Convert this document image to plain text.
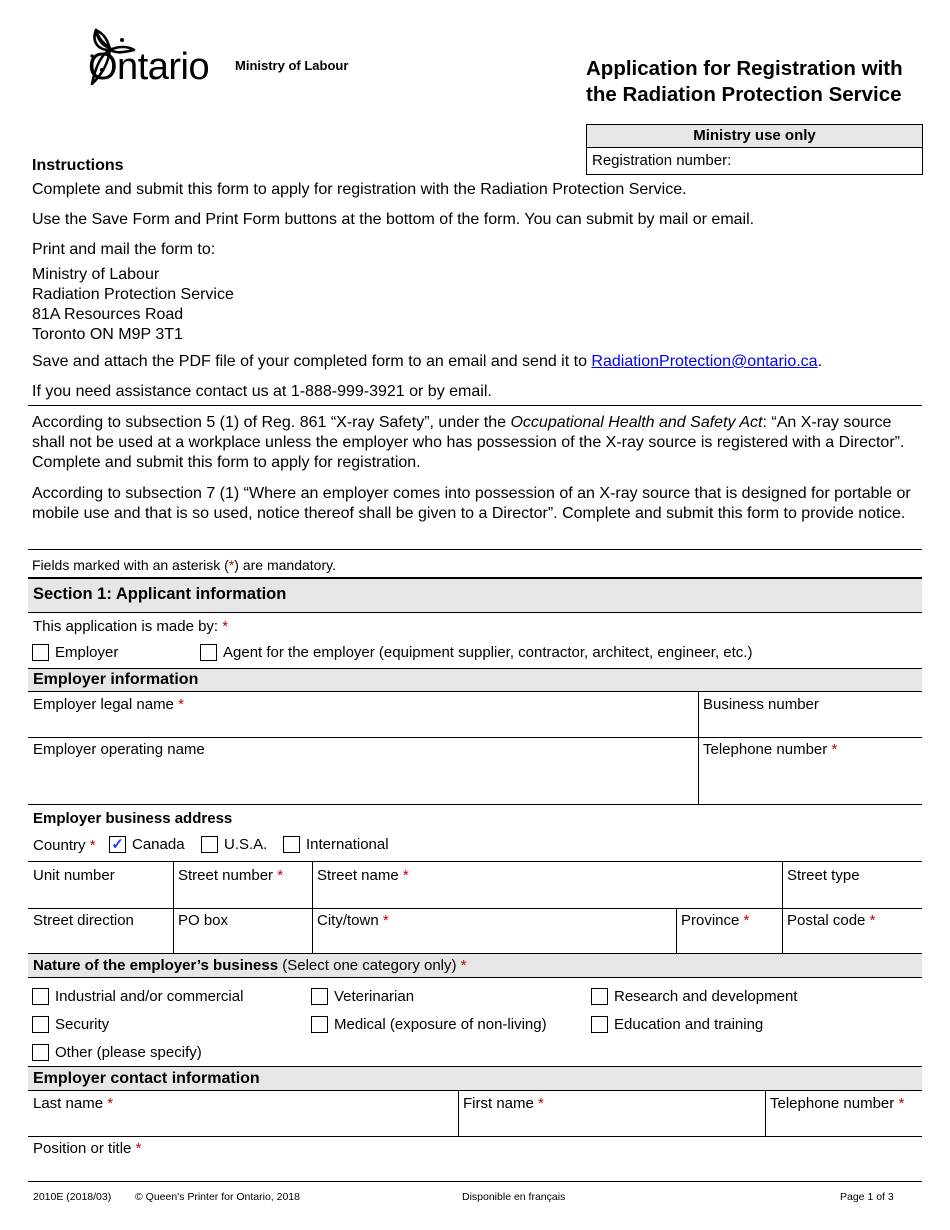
Ontario Ministry of Labour	Application for Registration with
the Radiation Protection Service
Ministry use only
Registration number:
Instructions
Complete and submit this form to apply for registration with the Radiation Protection Service.
Use the Save Form and Print Form buttons at the bottom of the form. You can submit by mail or email.
Print and mail the form to:
Ministry of Labour
Radiation Protection Service
81A Resources Road
Toronto ON M9P 3T1
Save and attach the PDF file of your completed form to an email and send it to RadiationProtection@ontario.ca.
If you need assistance contact us at 1-888-999-3921 or by email.
According to subsection 5 (1) of Reg. 861 “X-ray Safety”, under the Occupational Health and Safety Act: “An X-ray source shall not be used at a workplace unless the employer who has possession of the X-ray source is registered with a Director”. Complete and submit this form to apply for registration.
According to subsection 7 (1) “Where an employer comes into possession of an X-ray source that is designed for portable or mobile use and that is so used, notice thereof shall be given to a Director”. Complete and submit this form to provide notice.
Fields marked with an asterisk (*) are mandatory.
Section 1: Applicant information
This application is made by: *
Employer	Agent for the employer (equipment supplier, contractor, architect, engineer, etc.)
Employer information
Employer legal name *	Business number
Employer operating name	Telephone number *
Employer business address
Country * ✓ Canada	U.S.A.	International
Unit number	Street number * Street name *	Street type
Street direction	PO box	City/town *	Province *	Postal code *
Nature of the employer’s business (Select one category only) *
Industrial and/or commercial	Veterinarian	Research and development
Security	Medical (exposure of non-living)	Education and training
Other (please specify)
Employer contact information
Last name *	First name *	Telephone number *
Position or title *
2010E (2018/03) © Queen's Printer for Ontario, 2018	Disponible en français	Page 1 of 3
